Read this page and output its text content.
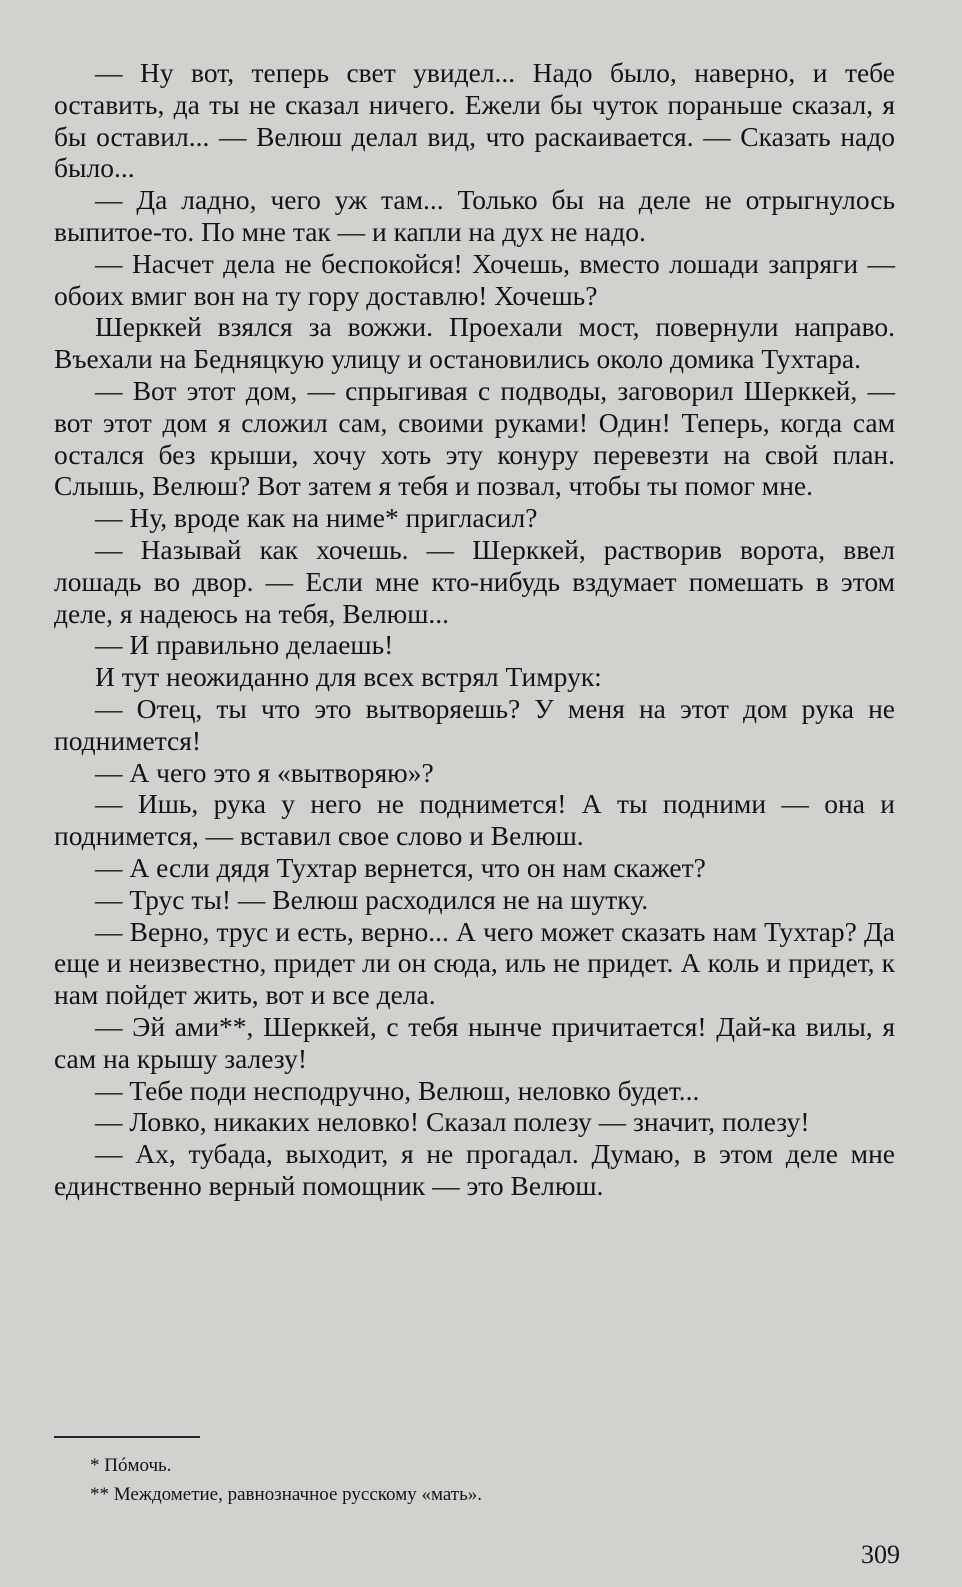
— Ну вот, теперь свет увидел... Надо было, наверно, и тебе оставить, да ты не сказал ничего. Ежели бы чуток пораньше сказал, я бы оставил... — Велюш делал вид, что раскаивается. — Сказать надо было...

— Да ладно, чего уж там... Только бы на деле не отрыгнулось выпитое-то. По мне так — и капли на дух не надо.

— Насчет дела не беспокойся! Хочешь, вместо лошади запряги — обоих вмиг вон на ту гору доставлю! Хочешь?

Шерккей взялся за вожжи. Проехали мост, повернули направо. Въехали на Бедняцкую улицу и остановились около домика Тухтара.

— Вот этот дом, — спрыгивая с подводы, заговорил Шерккей, — вот этот дом я сложил сам, своими руками! Один! Теперь, когда сам остался без крыши, хочу хоть эту конуру перевезти на свой план. Слышь, Велюш? Вот затем я тебя и позвал, чтобы ты помог мне.

— Ну, вроде как на ниме* пригласил?

— Называй как хочешь. — Шерккей, растворив ворота, ввел лошадь во двор. — Если мне кто-нибудь вздумает помешать в этом деле, я надеюсь на тебя, Велюш...

— И правильно делаешь!

И тут неожиданно для всех встрял Тимрук:

— Отец, ты что это вытворяешь? У меня на этот дом рука не поднимется!

— А чего это я «вытворяю»?

— Ишь, рука у него не поднимется! А ты подними — она и поднимется, — вставил свое слово и Велюш.

— А если дядя Тухтар вернется, что он нам скажет?

— Трус ты! — Велюш расходился не на шутку.

— Верно, трус и есть, верно... А чего может сказать нам Тухтар? Да еще и неизвестно, придет ли он сюда, иль не придет. А коль и придет, к нам пойдет жить, вот и все дела.

— Эй ами**, Шерккей, с тебя нынче причитается! Дай-ка вилы, я сам на крышу залезу!

— Тебе поди несподручно, Велюш, неловко будет...

— Ловко, никаких неловко! Сказал полезу — значит, полезу!

— Ах, тубада, выходит, я не прогадал. Думаю, в этом деле мне единственно верный помощник — это Велюш.

* Пóмочь.

** Междометие, равнозначное русскому «мать».

309
